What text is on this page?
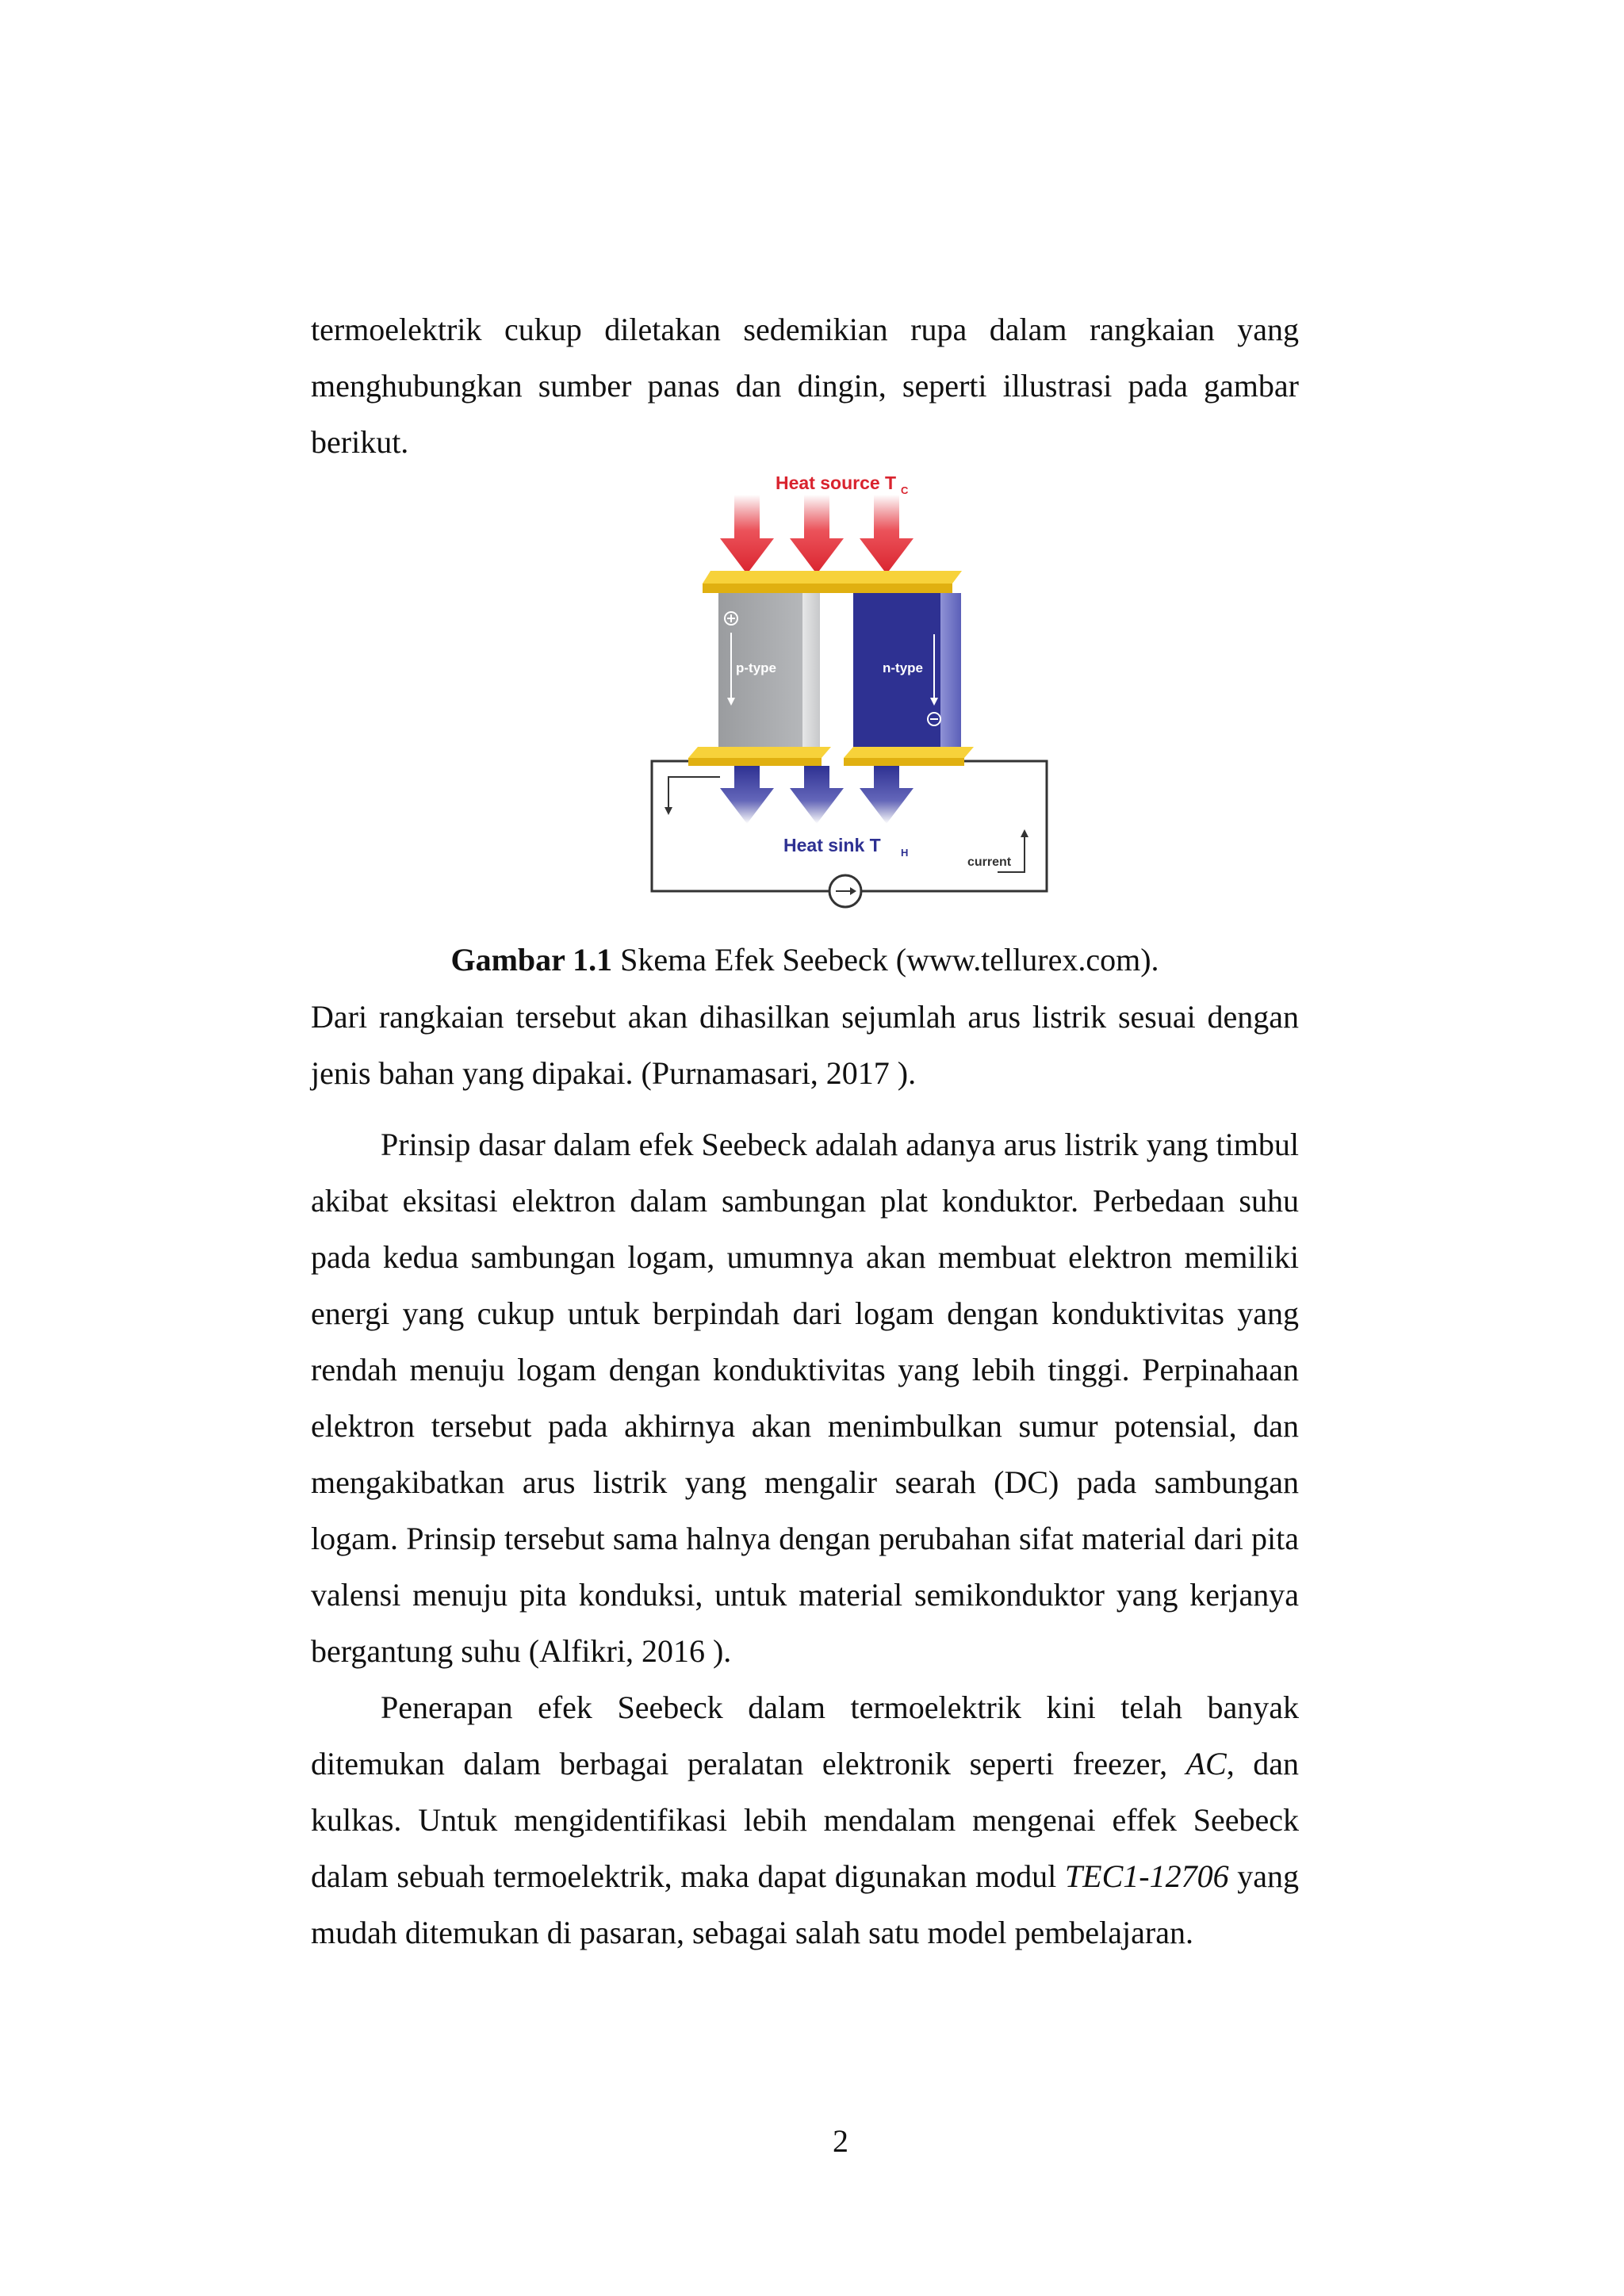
termoelektrik cukup diletakan sedemikian rupa dalam rangkaian yang menghubungkan sumber panas dan dingin, seperti illustrasi pada gambar berikut.

Heat source T C
p-type	n-type
current
Heat sink T H

Gambar 1.1 Skema Efek Seebeck (www.tellurex.com).

Dari rangkaian tersebut akan dihasilkan sejumlah arus listrik sesuai dengan jenis bahan yang dipakai. (Purnamasari, 2017 ).

Prinsip dasar dalam efek Seebeck adalah adanya arus listrik yang timbul akibat eksitasi elektron dalam sambungan plat konduktor. Perbedaan suhu pada kedua sambungan logam, umumnya akan membuat elektron memiliki energi yang cukup untuk berpindah dari logam dengan konduktivitas yang rendah menuju logam dengan konduktivitas yang lebih tinggi. Perpinahaan elektron tersebut pada akhirnya akan menimbulkan sumur potensial, dan mengakibatkan arus listrik yang mengalir searah (DC) pada sambungan logam. Prinsip tersebut sama halnya dengan perubahan sifat material dari pita valensi menuju pita konduksi, untuk material semikonduktor yang kerjanya bergantung suhu (Alfikri, 2016 ).

Penerapan efek Seebeck dalam termoelektrik kini telah banyak ditemukan dalam berbagai peralatan elektronik seperti freezer, AC, dan kulkas. Untuk mengidentifikasi lebih mendalam mengenai effek Seebeck dalam sebuah termoelektrik, maka dapat digunakan modul TEC1-12706 yang mudah ditemukan di pasaran, sebagai salah satu model pembelajaran.

2
